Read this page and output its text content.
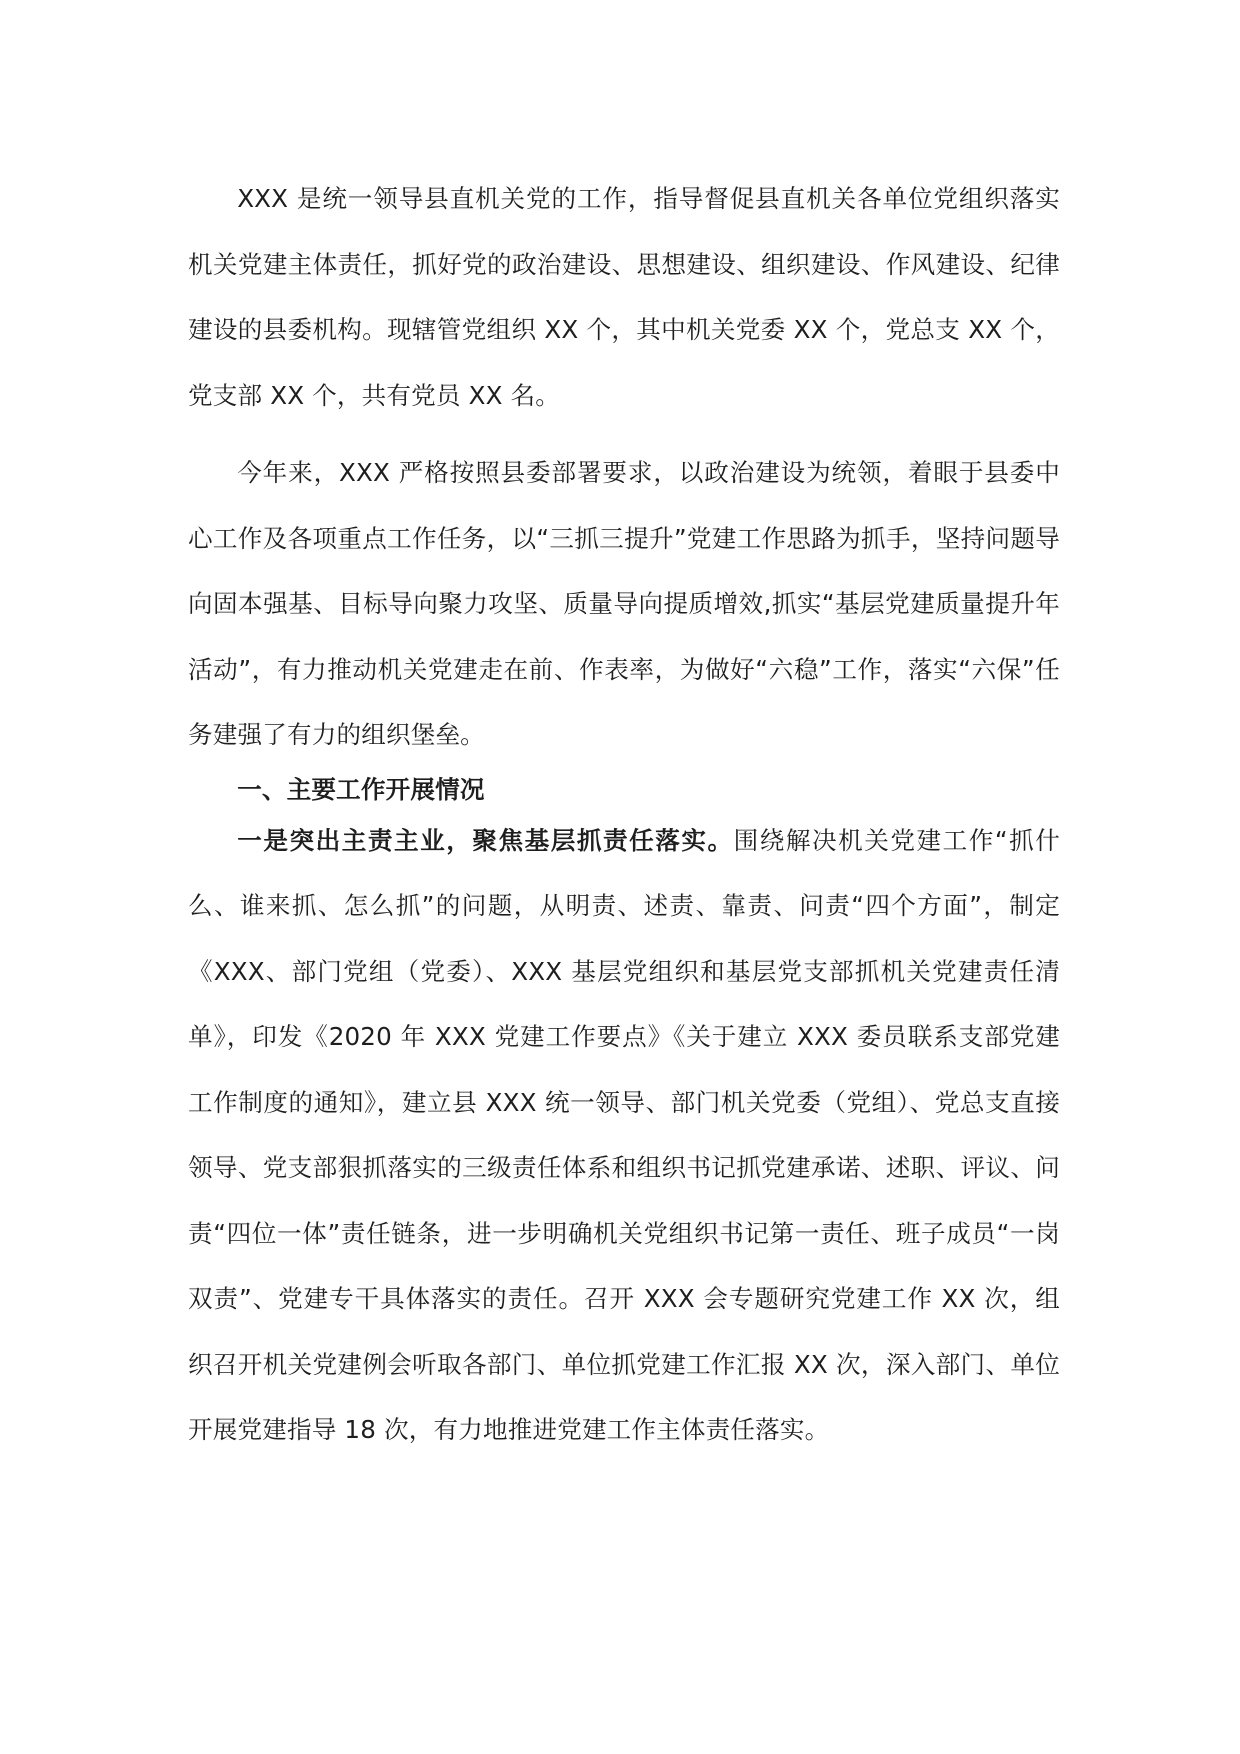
XXX 是统一领导县直机关党的工作，指导督促县直机关各单位党组织落实机关党建主体责任，抓好党的政治建设、思想建设、组织建设、作风建设、纪律建设的县委机构。现辖管党组织 XX 个，其中机关党委 XX 个，党总支 XX 个，党支部 XX 个，共有党员 XX 名。

今年来，XXX 严格按照县委部署要求，以政治建设为统领，着眼于县委中心工作及各项重点工作任务，以“三抓三提升”党建工作思路为抓手，坚持问题导向固本强基、目标导向聚力攻坚、质量导向提质增效,抓实“基层党建质量提升年活动”，有力推动机关党建走在前、作表率，为做好“六稳”工作，落实“六保”任务建强了有力的组织堡垒。

一、主要工作开展情况

一是突出主责主业，聚焦基层抓责任落实。围绕解决机关党建工作“抓什么、谁来抓、怎么抓”的问题，从明责、述责、靠责、问责“四个方面”，制定《XXX、部门党组（党委）、XXX 基层党组织和基层党支部抓机关党建责任清单》，印发《2020 年 XXX 党建工作要点》《关于建立 XXX 委员联系支部党建工作制度的通知》，建立县 XXX 统一领导、部门机关党委（党组）、党总支直接领导、党支部狠抓落实的三级责任体系和组织书记抓党建承诺、述职、评议、问责“四位一体”责任链条，进一步明确机关党组织书记第一责任、班子成员“一岗双责”、党建专干具体落实的责任。召开 XXX 会专题研究党建工作 XX 次，组织召开机关党建例会听取各部门、单位抓党建工作汇报 XX 次，深入部门、单位开展党建指导 18 次，有力地推进党建工作主体责任落实。
